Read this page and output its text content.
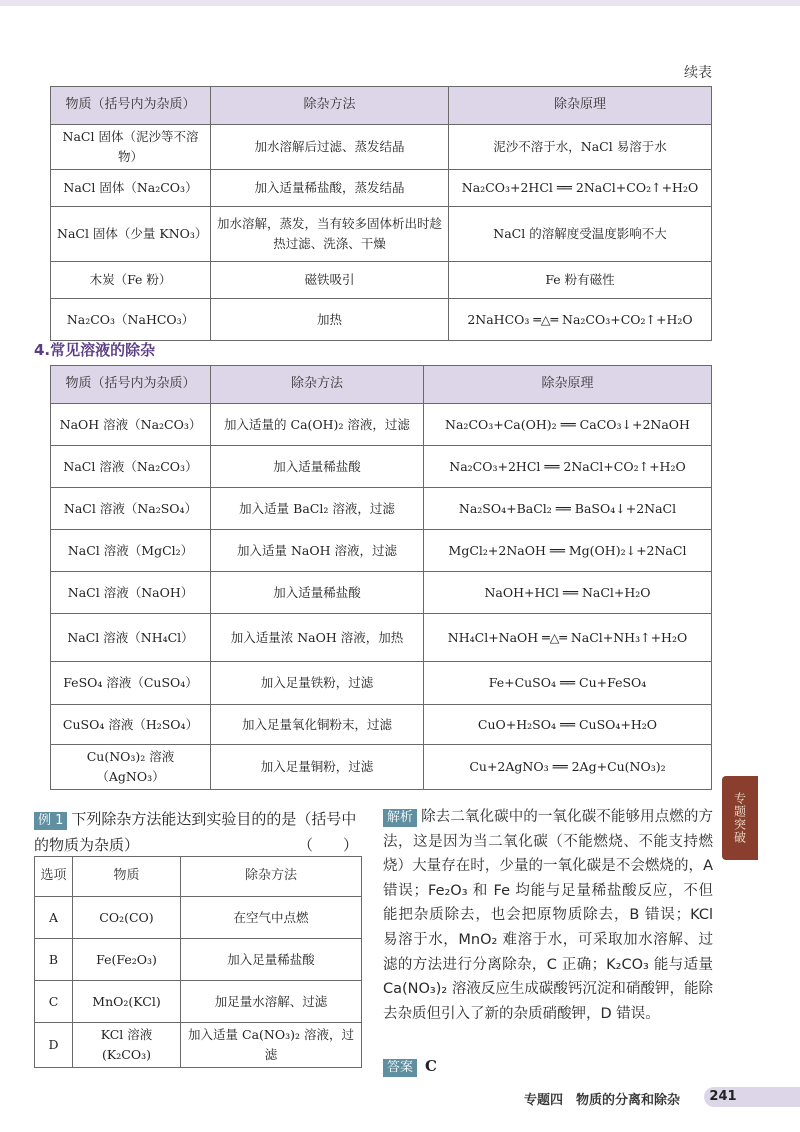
续表
物质（括号内为杂质）	除杂方法	除杂原理
NaCl 固体（泥沙等不溶物）	加水溶解后过滤、蒸发结晶	泥沙不溶于水，NaCl 易溶于水
NaCl 固体（Na₂CO₃）	加入适量稀盐酸，蒸发结晶	Na₂CO₃+2HCl ══ 2NaCl+CO₂↑+H₂O
NaCl 固体（少量 KNO₃）	加水溶解，蒸发，当有较多固体析出时趁热过滤、洗涤、干燥	NaCl 的溶解度受温度影响不大
木炭（Fe 粉）	磁铁吸引	Fe 粉有磁性
Na₂CO₃（NaHCO₃）	加热	2NaHCO₃ ═△═ Na₂CO₃+CO₂↑+H₂O
4.常见溶液的除杂
物质（括号内为杂质）	除杂方法	除杂原理
NaOH 溶液（Na₂CO₃）	加入适量的 Ca(OH)₂ 溶液，过滤	Na₂CO₃+Ca(OH)₂ ══ CaCO₃↓+2NaOH
NaCl 溶液（Na₂CO₃）	加入适量稀盐酸	Na₂CO₃+2HCl ══ 2NaCl+CO₂↑+H₂O
NaCl 溶液（Na₂SO₄）	加入适量 BaCl₂ 溶液，过滤	Na₂SO₄+BaCl₂ ══ BaSO₄↓+2NaCl
NaCl 溶液（MgCl₂）	加入适量 NaOH 溶液，过滤	MgCl₂+2NaOH ══ Mg(OH)₂↓+2NaCl
NaCl 溶液（NaOH）	加入适量稀盐酸	NaOH+HCl ══ NaCl+H₂O
NaCl 溶液（NH₄Cl）	加入适量浓 NaOH 溶液，加热	NH₄Cl+NaOH ═△═ NaCl+NH₃↑+H₂O
FeSO₄ 溶液（CuSO₄）	加入足量铁粉，过滤	Fe+CuSO₄ ══ Cu+FeSO₄
CuSO₄ 溶液（H₂SO₄）	加入足量氧化铜粉末，过滤	CuO+H₂SO₄ ══ CuSO₄+H₂O
Cu(NO₃)₂ 溶液（AgNO₃）	加入足量铜粉，过滤	Cu+2AgNO₃ ══ 2Ag+Cu(NO₃)₂
专题突破
例 1 下列除杂方法能达到实验目的的是（括号中的物质为杂质）	（　　）
选项	物质	除杂方法
A	CO₂(CO)	在空气中点燃
B	Fe(Fe₂O₃)	加入足量稀盐酸
C	MnO₂(KCl)	加足量水溶解、过滤
D	KCl 溶液(K₂CO₃)	加入适量 Ca(NO₃)₂ 溶液，过滤
解析 除去二氧化碳中的一氧化碳不能够用点燃的方法，这是因为当二氧化碳（不能燃烧、不能支持燃烧）大量存在时，少量的一氧化碳是不会燃烧的，A 错误；Fe₂O₃ 和 Fe 均能与足量稀盐酸反应，不但能把杂质除去，也会把原物质除去，B 错误；KCl 易溶于水，MnO₂ 难溶于水，可采取加水溶解、过滤的方法进行分离除杂，C 正确；K₂CO₃ 能与适量 Ca(NO₃)₂ 溶液反应生成碳酸钙沉淀和硝酸钾，能除去杂质但引入了新的杂质硝酸钾，D 错误。
答案 C
专题四　物质的分离和除杂	241
